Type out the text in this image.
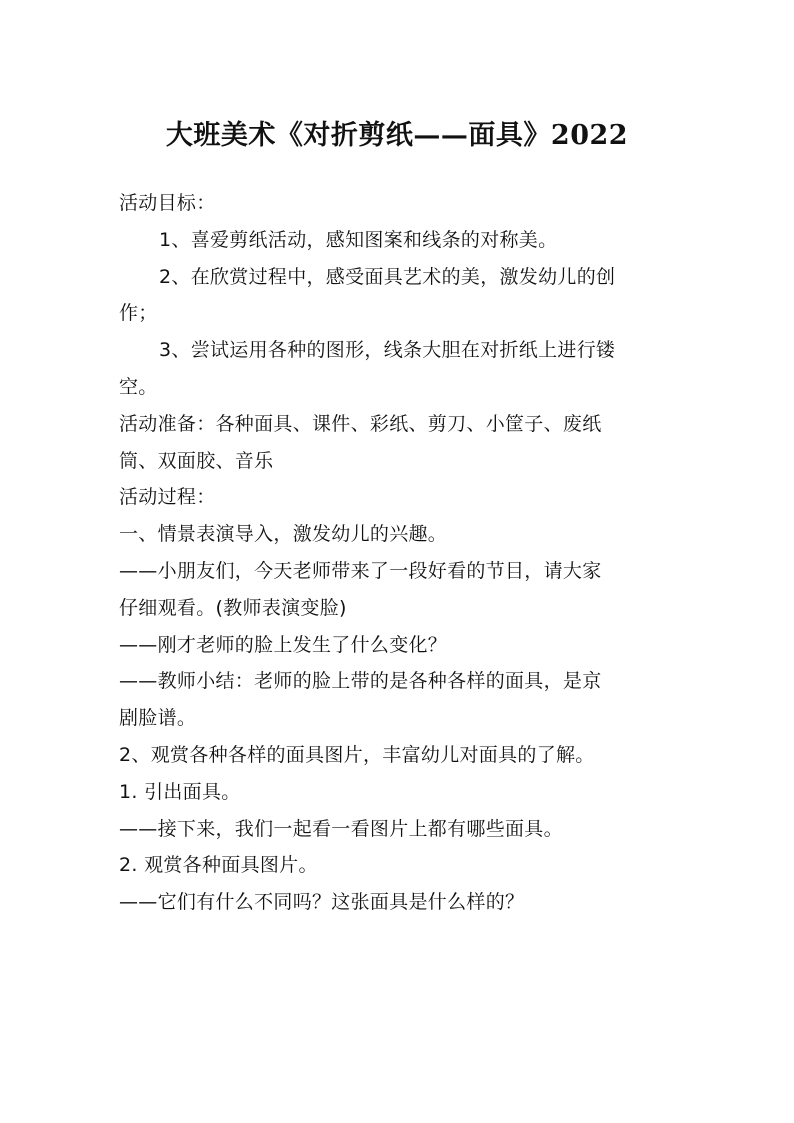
大班美术《对折剪纸——面具》2022

活动目标：

1、喜爱剪纸活动，感知图案和线条的对称美。

2、在欣赏过程中，感受面具艺术的美，激发幼儿的创

作；

3、尝试运用各种的图形，线条大胆在对折纸上进行镂

空。

活动准备：各种面具、课件、彩纸、剪刀、小筐子、废纸

筒、双面胶、音乐

活动过程：

一、情景表演导入，激发幼儿的兴趣。

——小朋友们，今天老师带来了一段好看的节目，请大家

仔细观看。(教师表演变脸)

——刚才老师的脸上发生了什么变化？

——教师小结：老师的脸上带的是各种各样的面具，是京

剧脸谱。

2、观赏各种各样的面具图片，丰富幼儿对面具的了解。

1. 引出面具。

——接下来，我们一起看一看图片上都有哪些面具。

2. 观赏各种面具图片。

——它们有什么不同吗？这张面具是什么样的？
